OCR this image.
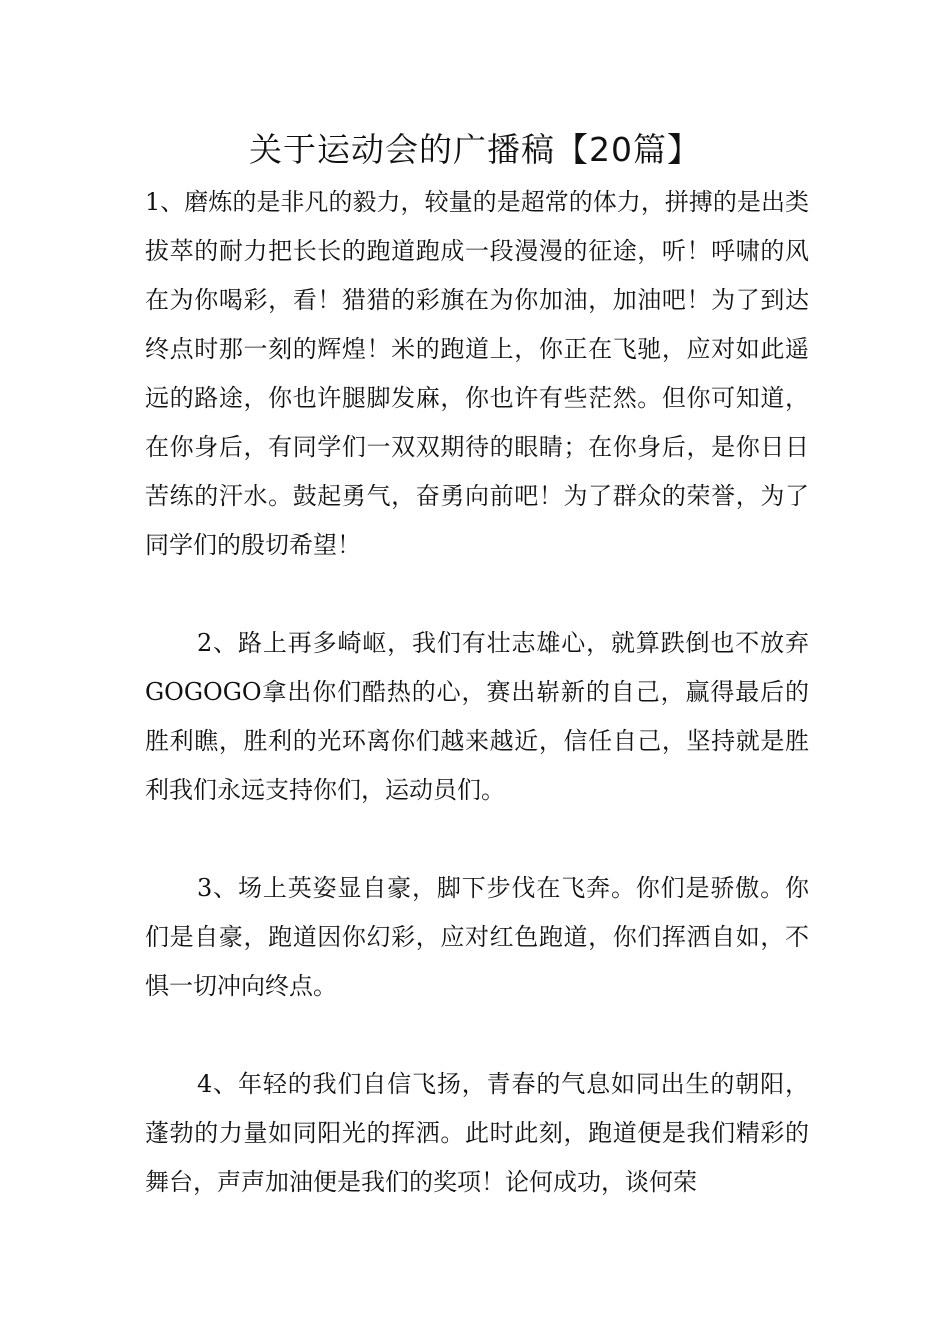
关于运动会的广播稿【20篇】

1、磨炼的是非凡的毅力，较量的是超常的体力，拼搏的是出类拔萃的耐力把长长的跑道跑成一段漫漫的征途，听！呼啸的风在为你喝彩，看！猎猎的彩旗在为你加油，加油吧！为了到达终点时那一刻的辉煌！米的跑道上，你正在飞驰，应对如此遥远的路途，你也许腿脚发麻，你也许有些茫然。但你可知道，在你身后，有同学们一双双期待的眼睛；在你身后，是你日日苦练的汗水。鼓起勇气，奋勇向前吧！为了群众的荣誉，为了同学们的殷切希望！

2、路上再多崎岖，我们有壮志雄心，就算跌倒也不放弃GOGOGO拿出你们酷热的心，赛出崭新的自己，赢得最后的胜利瞧，胜利的光环离你们越来越近，信任自己，坚持就是胜利我们永远支持你们，运动员们。

3、场上英姿显自豪，脚下步伐在飞奔。你们是骄傲。你们是自豪，跑道因你幻彩，应对红色跑道，你们挥洒自如，不惧一切冲向终点。

4、年轻的我们自信飞扬，青春的气息如同出生的朝阳，蓬勃的力量如同阳光的挥洒。此时此刻，跑道便是我们精彩的舞台，声声加油便是我们的奖项！论何成功，谈何荣
